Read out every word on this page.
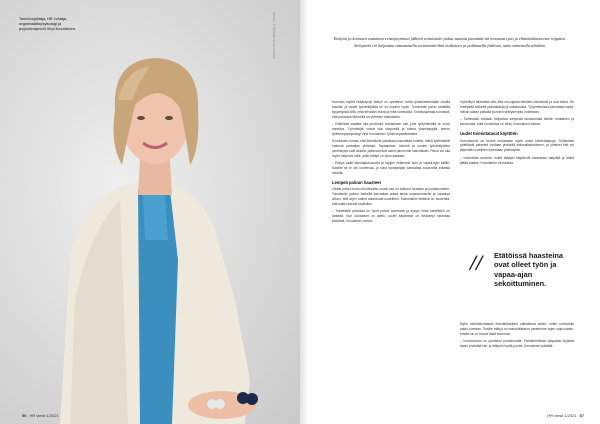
Toimitusjohtaja, HR Johtaja, organisaatiopsykologi ja psykoterapeutti Virpi Kovolainen.	KUVA: TYÖTERVEYSLAITOS
56 HR viesti 1/2021
Etätyön ja koronan vaatiman eristäytymisen jälkeen toimistolle paluu saattaa jännittää tai innostaa työn ja elämäntilanteesta riippuen. Siirtymää voi helpottaa tutustumalla toimistotiloihin etukäteen ja pohtimalla yhdessä, mitä toimistolla tehdään.

Koronan myötä lisääntynyt etätyö on opettanut meitä työskentelemään uusilla tavoilla, ja osalle työntekijöistä se on sopinut hyvin. Toimistolle paluu herättää kysymyksiä siitä, mitä tehdään etänä ja mitä toimistolla. Toimitusjohtaja korostaa, että paluussa tärkeintä on yhteinen keskustelu.

– Etätöissä saattaa olla puuttunut sosiaalinen tuki, jolle työyhteisöllä on suuri merkitys. Työntekijät voivat olla väsyneitä ja kokea yksinäisyyttä, kertoo työterveyspsykologi Virpi Kovolainen Työterveyslaitokselta.

Kovolainen kuvaa, että toimistolle palatessa kannattaa miettiä, mitkä työtehtävät hoituvat parhaiten yhdessä. Tapaamiset, ideointi ja uusien työntekijöiden perehdytys ovat asioita, jotka toimivat usein paremmin kasvokkain. Paluu voi olla myös helpotus niille, joille etätyö on ollut raskasta.

– Etätyö vaatii itseohjautuvuutta ja rajojen vetämistä työn ja vapaa-ajan välille. Kaikille se ei ole luontevaa, ja siksi työnantajan kannattaa kuunnella erilaisia toiveita.

Lempeä paluun haasteet

Osalle paluu tuntuu luontevalta, mutta osa on tottunut rauhaan ja joustavuuteen. Toimistolle paluun hetkellä kannattaa antaa aikaa sopeutumiselle ja varautua siihen, että arjen rutiinit rakentuvat uudelleen. Esihenkilön tehtävä on huolehtia, että kaikki tulevat kuulluiksi.

– Toimistolle paluusta on hyvä puhua avoimesti ja kysyä, mikä kenellekin on tärkeää. Kun odotukset on jaettu, uudet käytännöt on helpompi rakentaa yhdessä, Kovolainen sanoo.

Hybridityö tarkoittaa sitä, että osa ajasta tehdään toimistolla ja osa etänä. Se edellyttää selkeitä pelisääntöjä ja luottamusta. Työyhteisössä kannattaa sopia, milloin ollaan paikalla ja miten yhteydenpito hoidetaan.

– Toimistolla voidaan helpottaa siirtymää tutustumalla tiloihin etukäteen ja kertomalla, mitä muutoksia on tehty, Kovolainen toteaa.

Uudet toimintatavat käyttöön

Koronavuosi on tuonut mukanaan myös uusia toimintatapoja. Toimistolla pidettävät palaverit voidaan yhdistää etäosallistumiseen, ja yhteiset tilat voi järjestää uudelleen tukemaan yhteistyötä.

– Kannattaa arvioida, mitkä etäajan käytännöt kannattaa säilyttää ja mitkä jättää taakse, Kovolainen muistuttaa.

// Etätöissä haasteina ovat olleet työn ja vapaa-ajan sekoittuminen.

Myös henkilökohtaiset elämäntilanteet vaikuttavat siihen, miten toimistolle paluu koetaan. Toisille etätyö on mahdollistanut paremman arjen sujuvuuden, toisille se on tuonut lisää kuormaa.

– Koronavuosi on opettanut joustavuutta. Parhaimmillaan työpaikat löytävät tavan yhdistää etä- ja lähityön hyvät puolet, Kovolainen päättää.

HR viesti 1/2021 57
